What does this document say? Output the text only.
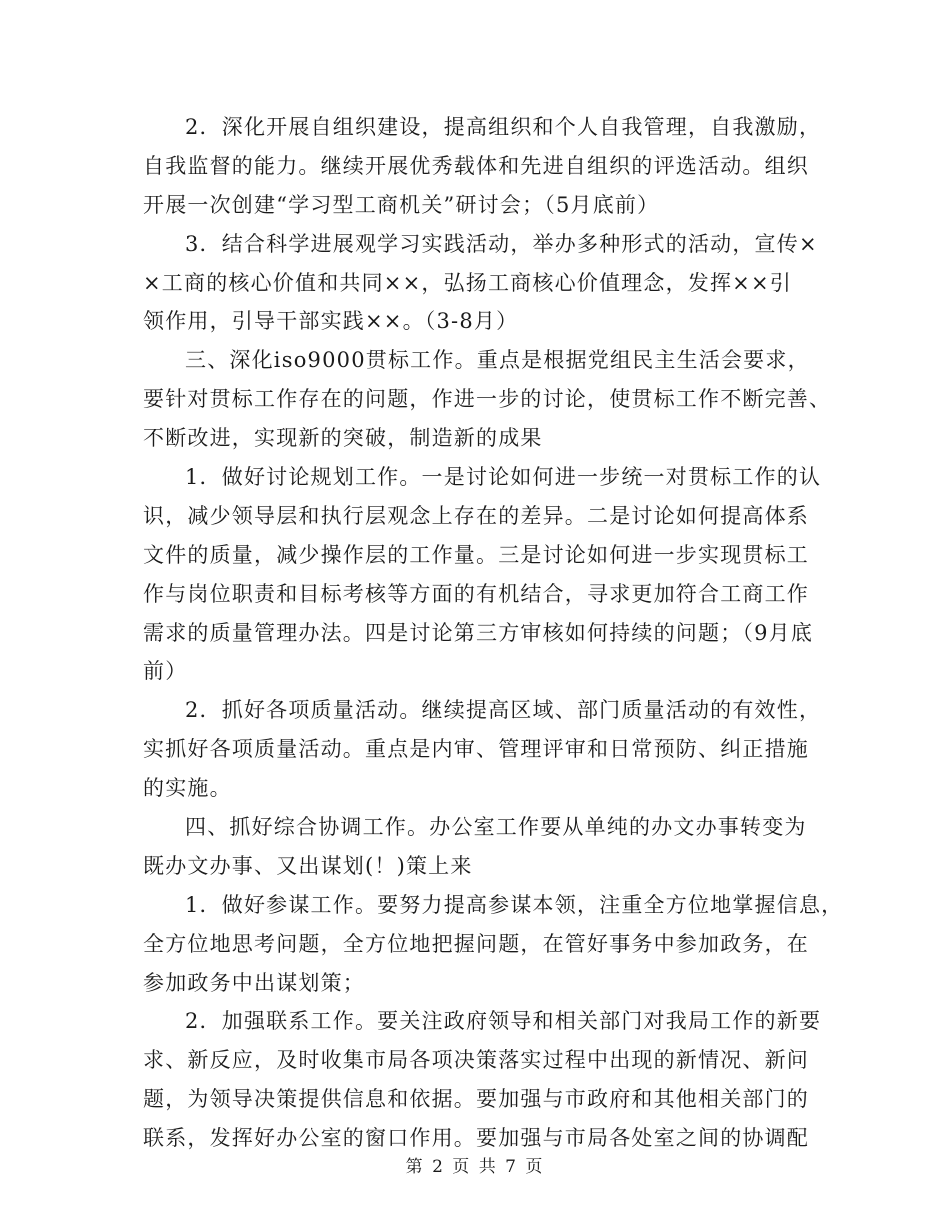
2．深化开展自组织建设，提高组织和个人自我管理，自我激励，
自我监督的能力。继续开展优秀载体和先进自组织的评选活动。组织
开展一次创建“学习型工商机关”研讨会；（5月底前）
3．结合科学进展观学习实践活动，举办多种形式的活动，宣传×
×工商的核心价值和共同××，弘扬工商核心价值理念，发挥××引
领作用，引导干部实践××。（3-8月）
三、深化iso9000贯标工作。重点是根据党组民主生活会要求，
要针对贯标工作存在的问题，作进一步的讨论，使贯标工作不断完善、
不断改进，实现新的突破，制造新的成果
1．做好讨论规划工作。一是讨论如何进一步统一对贯标工作的认
识，减少领导层和执行层观念上存在的差异。二是讨论如何提高体系
文件的质量，减少操作层的工作量。三是讨论如何进一步实现贯标工
作与岗位职责和目标考核等方面的有机结合，寻求更加符合工商工作
需求的质量管理办法。四是讨论第三方审核如何持续的问题；（9月底
前）
2．抓好各项质量活动。继续提高区域、部门质量活动的有效性，
实抓好各项质量活动。重点是内审、管理评审和日常预防、纠正措施
的实施。
四、抓好综合协调工作。办公室工作要从单纯的办文办事转变为
既办文办事、又出谋划(！)策上来
1．做好参谋工作。要努力提高参谋本领，注重全方位地掌握信息，
全方位地思考问题，全方位地把握问题，在管好事务中参加政务，在
参加政务中出谋划策；
2．加强联系工作。要关注政府领导和相关部门对我局工作的新要
求、新反应，及时收集市局各项决策落实过程中出现的新情况、新问
题，为领导决策提供信息和依据。要加强与市政府和其他相关部门的
联系，发挥好办公室的窗口作用。要加强与市局各处室之间的协调配
第 2 页 共 7 页
